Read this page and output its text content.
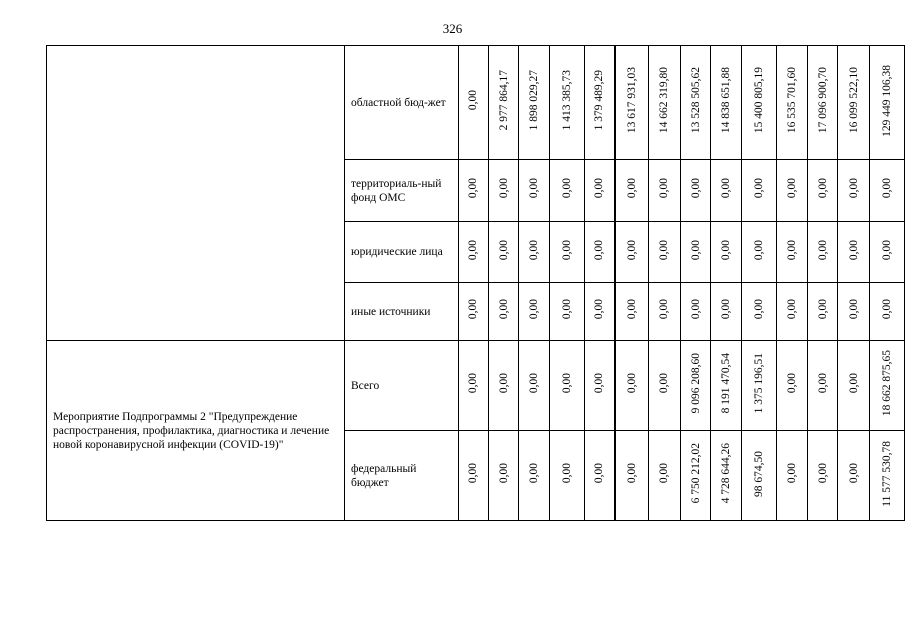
326
	областной бюд-жет	0,00	2 977 864,17	1 898 029,27	1 413 385,73	1 379 489,29	13 617 931,03	14 662 319,80	13 528 505,62	14 838 651,88	15 400 805,19	16 535 701,60	17 096 900,70	16 099 522,10	129 449 106,38
	территориаль-ный фонд ОМС	0,00	0,00	0,00	0,00	0,00	0,00	0,00	0,00	0,00	0,00	0,00	0,00	0,00	0,00
	юридические лица	0,00	0,00	0,00	0,00	0,00	0,00	0,00	0,00	0,00	0,00	0,00	0,00	0,00	0,00
	иные источники	0,00	0,00	0,00	0,00	0,00	0,00	0,00	0,00	0,00	0,00	0,00	0,00	0,00	0,00
Мероприятие Подпрограммы 2 "Предупреждение распространения, профилактика, диагностика и лечение новой коронавирусной инфекции (COVID-19)"	Всего	0,00	0,00	0,00	0,00	0,00	0,00	0,00	9 096 208,60	8 191 470,54	1 375 196,51	0,00	0,00	0,00	18 662 875,65
	федеральный бюджет	0,00	0,00	0,00	0,00	0,00	0,00	0,00	6 750 212,02	4 728 644,26	98 674,50	0,00	0,00	0,00	11 577 530,78
